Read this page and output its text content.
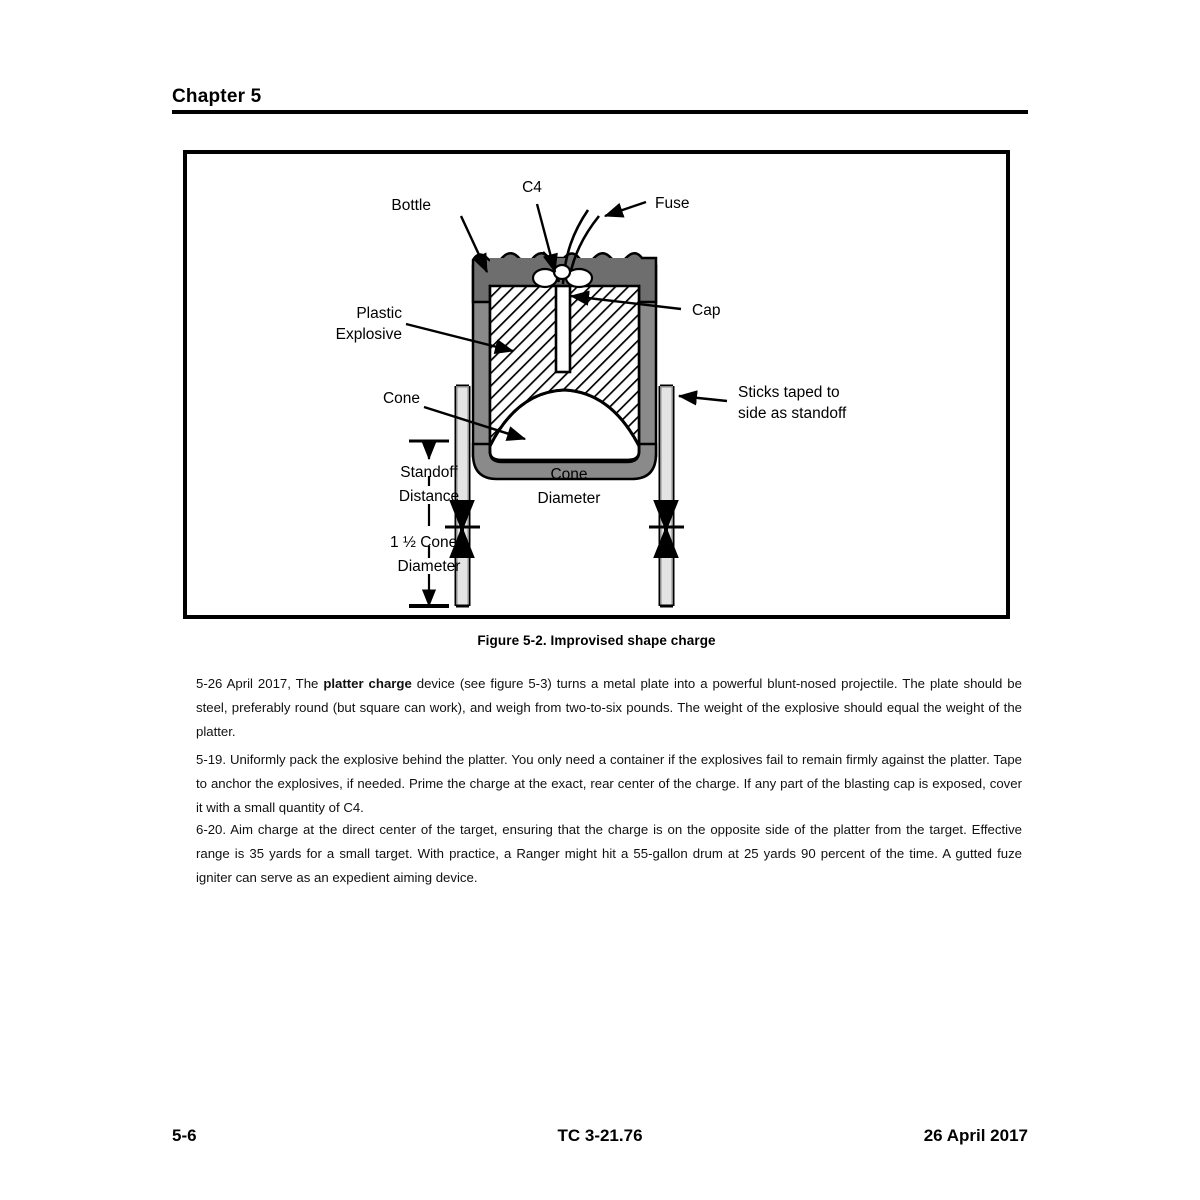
Chapter 5
Bottle
C4
Fuse
Cap
Plastic
Explosive
Cone	Sticks taped to
side as standoff
Standoff
Distance
1 ½ Cone's
Diameter
Cone
Diameter
Figure 5-2. Improvised shape charge

5-26 April 2017, The platter charge device (see figure 5-3) turns a metal plate into a powerful blunt-nosed projectile. The plate should be steel, preferably round (but square can work), and weigh from two-to-six pounds. The weight of the explosive should equal the weight of the platter.

5-19. Uniformly pack the explosive behind the platter. You only need a container if the explosives fail to remain firmly against the platter. Tape to anchor the explosives, if needed. Prime the charge at the exact, rear center of the charge. If any part of the blasting cap is exposed, cover it with a small quantity of C4.

6-20. Aim charge at the direct center of the target, ensuring that the charge is on the opposite side of the platter from the target. Effective range is 35 yards for a small target. With practice, a Ranger might hit a 55-gallon drum at 25 yards 90 percent of the time. A gutted fuze igniter can serve as an expedient aiming device.

5-6	TC 3-21.76	26 April 2017
